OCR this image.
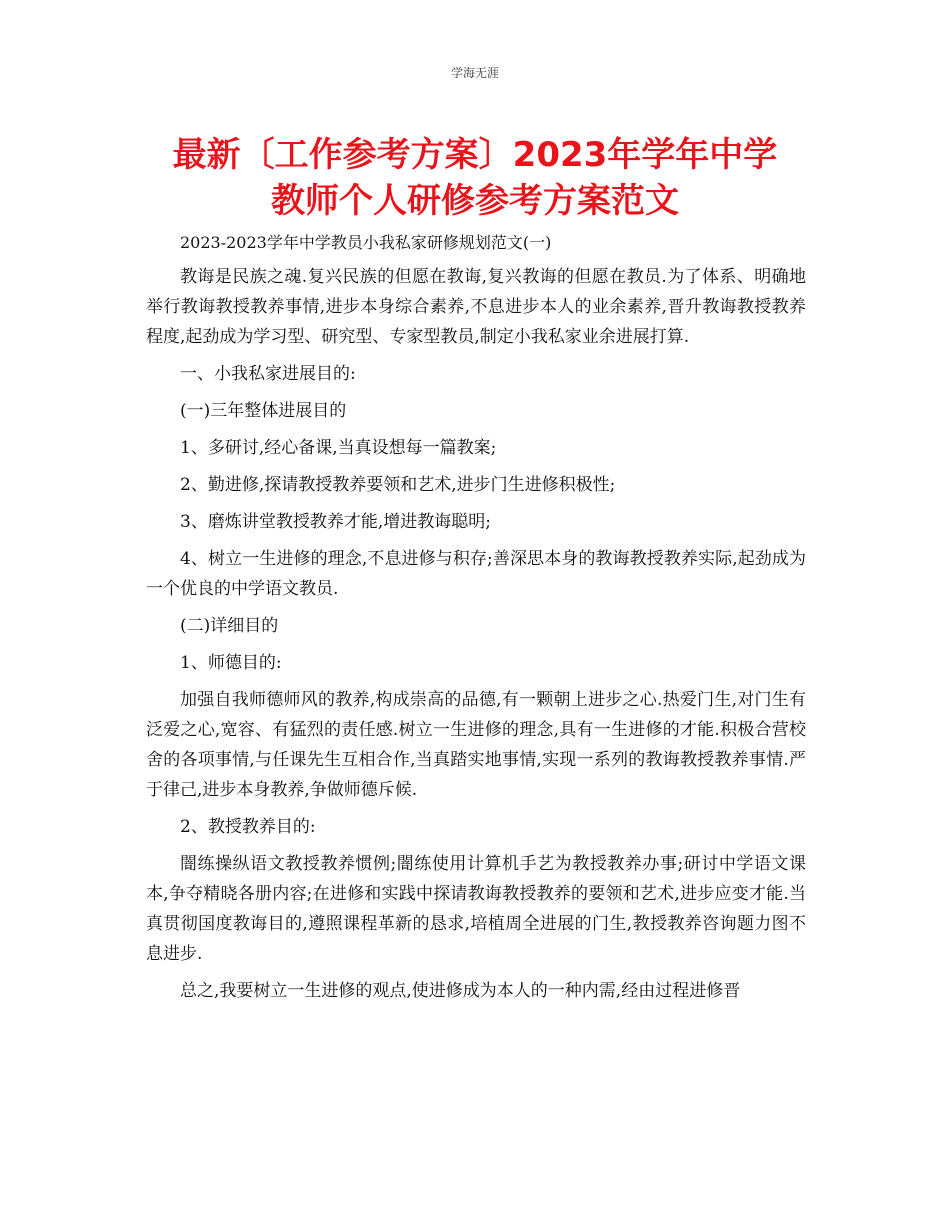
学海无涯
最新〔工作参考方案〕2023年学年中学
教师个人研修参考方案范文

2023-2023学年中学教员小我私家研修规划范文(一)

教诲是民族之魂.复兴民族的但愿在教诲,复兴教诲的但愿在教员.为了体系、明确地举行教诲教授教养事情,进步本身综合素养,不息进步本人的业余素养,晋升教诲教授教养程度,起劲成为学习型、研究型、专家型教员,制定小我私家业余进展打算.

一、小我私家进展目的:

(一)三年整体进展目的

1、多研讨,经心备课,当真设想每一篇教案;

2、勤进修,探请教授教养要领和艺术,进步门生进修积极性;

3、磨炼讲堂教授教养才能,增进教诲聪明;

4、树立一生进修的理念,不息进修与积存;善深思本身的教诲教授教养实际,起劲成为一个优良的中学语文教员.

(二)详细目的

1、师德目的:

加强自我师德师风的教养,构成崇高的品德,有一颗朝上进步之心.热爱门生,对门生有泛爱之心,宽容、有猛烈的责任感.树立一生进修的理念,具有一生进修的才能.积极合营校舍的各项事情,与任课先生互相合作,当真踏实地事情,实现一系列的教诲教授教养事情.严于律己,进步本身教养,争做师德斥候.

2、教授教养目的:

闇练操纵语文教授教养惯例;闇练使用计算机手艺为教授教养办事;研讨中学语文课本,争夺精晓各册内容;在进修和实践中探请教诲教授教养的要领和艺术,进步应变才能.当真贯彻国度教诲目的,遵照课程革新的恳求,培植周全进展的门生,教授教养咨询题力图不息进步.

总之,我要树立一生进修的观点,使进修成为本人的一种内需,经由过程进修晋
